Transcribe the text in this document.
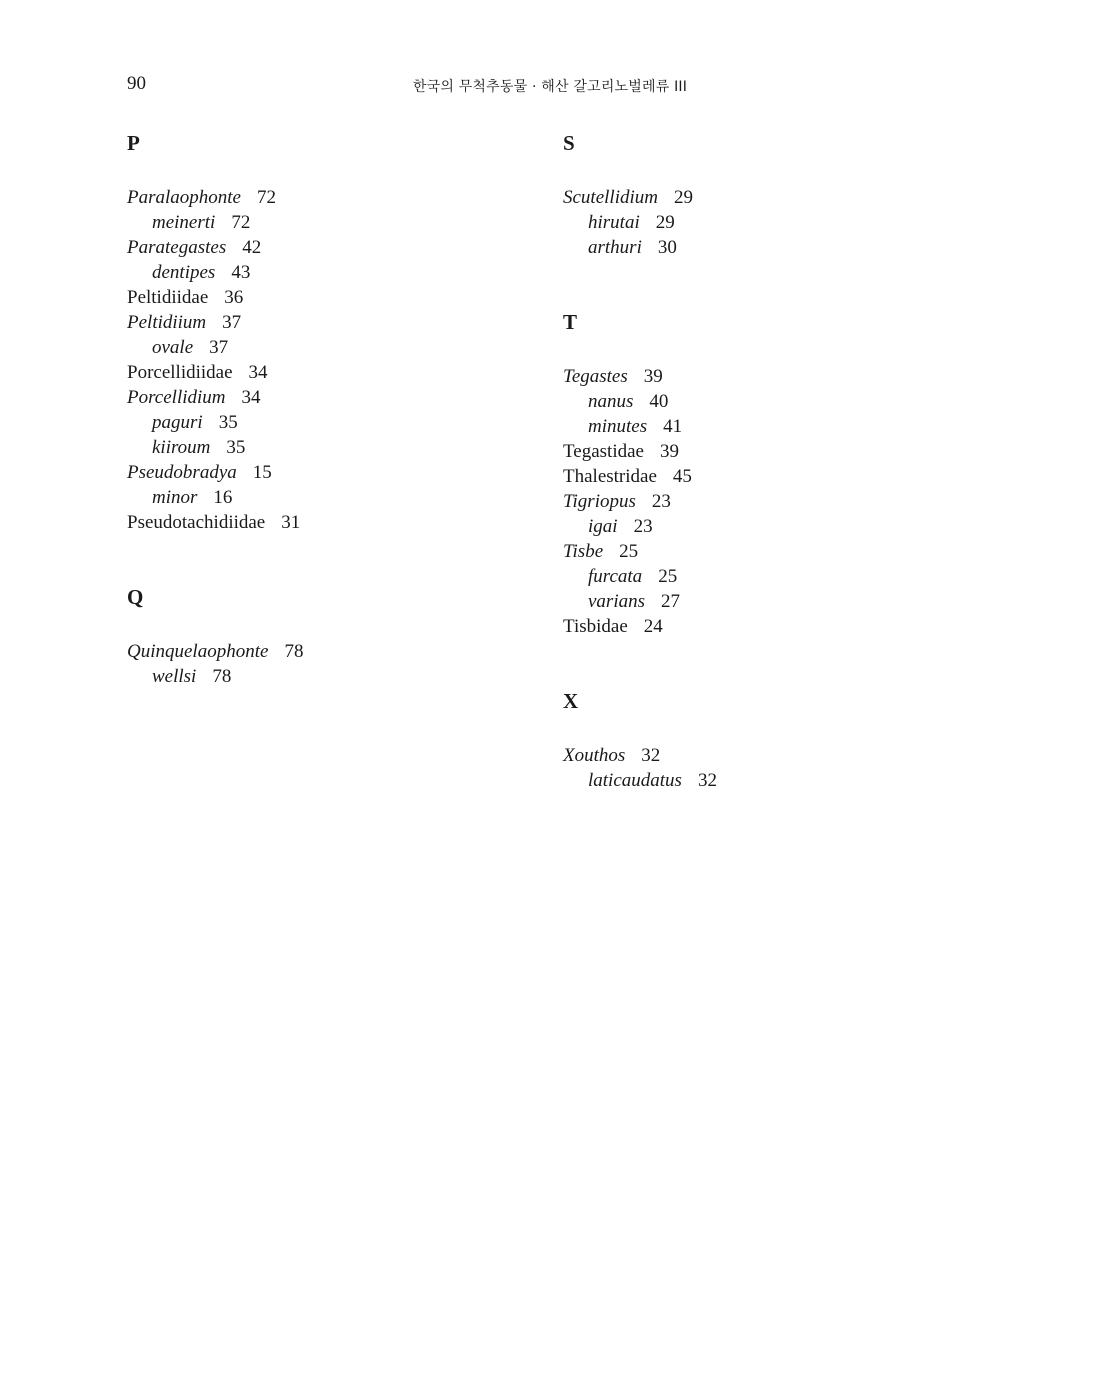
90	한국의 무척추동물 · 해산 갈고리노벌레류 III
P
Paralaophonte 72
meinerti 72
Parategastes 42
dentipes 43
Peltidiidae 36
Peltidiium 37
ovale 37
Porcellidiidae 34
Porcellidium 34
paguri 35
kiiroum 35
Pseudobradya 15
minor 16
Pseudotachidiidae 31
Q
Quinquelaophonte 78
wellsi 78
S
Scutellidium 29
hirutai 29
arthuri 30
T
Tegastes 39
nanus 40
minutes 41
Tegastidae 39
Thalestridae 45
Tigriopus 23
igai 23
Tisbe 25
furcata 25
varians 27
Tisbidae 24
X
Xouthos 32
laticaudatus 32
